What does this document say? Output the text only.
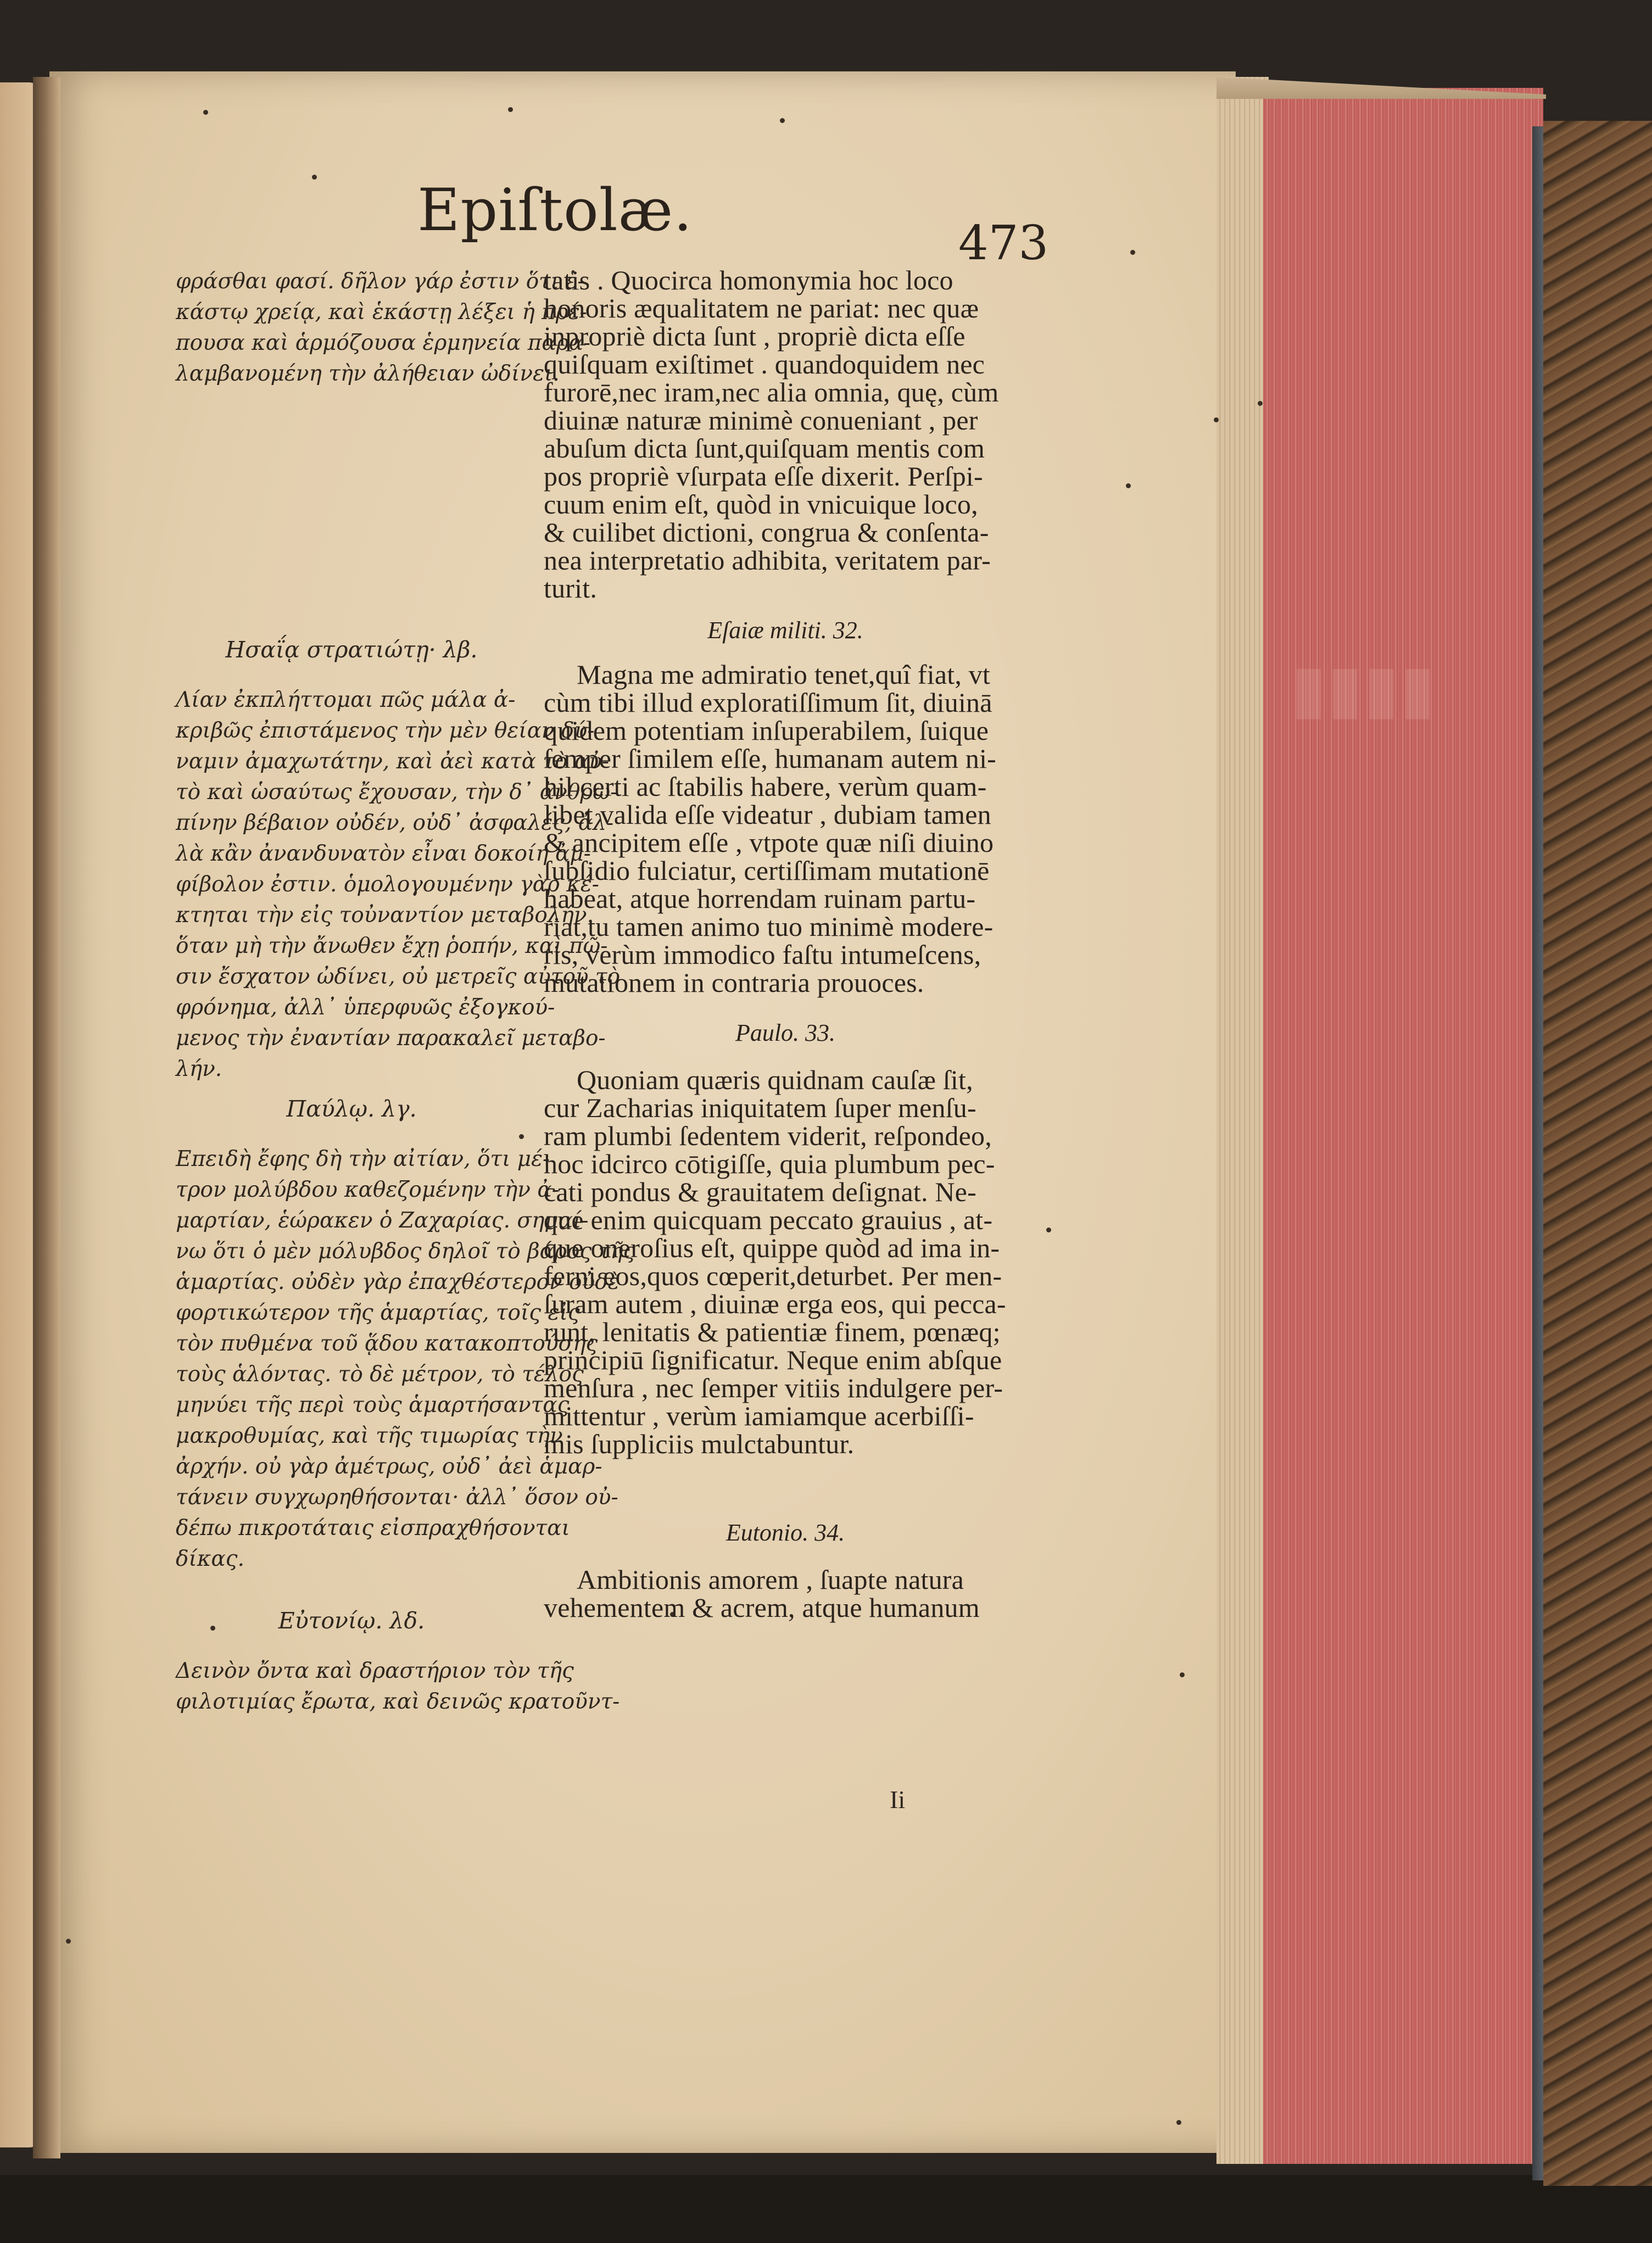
▮▮▮▮
Epiſtolæ.	473
φράσθαι φασί. δῆλον γάρ ἐστιν ὅτι ἑ-
κάστῳ χρείᾳ, καὶ ἑκάστῃ λέξει ἡ πρέ-
πουσα καὶ ἁρμόζουσα ἑρμηνεία παρα-
λαμβανομένη τὴν ἀλήθειαν ὠδίνει.
Ησαΐᾳ στρατιώτῃ· λβ.
Λίαν ἐκπλήττομαι πῶς μάλα ἀ-
κριβῶς ἐπιστάμενος τὴν μὲν θείαν δύ-
ναμιν ἀμαχωτάτην, καὶ ἀεὶ κατὰ τὸ αὐ-
τὸ καὶ ὡσαύτως ἔχουσαν, τὴν δ᾽ ἀνθρω-
πίνην βέβαιον οὐδέν, οὐδ᾽ ἀσφαλές, ἀλ-
λὰ κἂν ἀνανδυνατὸν εἶναι δοκοίη ἀμ-
φίβολον ἐστιν. ὁμολογουμένην γὰρ κέ-
κτηται τὴν εἰς τοὐναντίον μεταβολήν.
ὅταν μὴ τὴν ἄνωθεν ἔχῃ ῥοπήν, καὶ πῶ-
σιν ἔσχατον ὠδίνει, οὐ μετρεῖς αὐτοῦ τὸ
φρόνημα, ἀλλ᾽ ὑπερφυῶς ἐξογκού-
μενος τὴν ἐναντίαν παρακαλεῖ μεταβο-
λήν.
Παύλῳ. λγ.
Επειδὴ ἔφης δὴ τὴν αἰτίαν, ὅτι μέ-
τρον μολύβδου καθεζομένην τὴν ἀ-
μαρτίαν, ἑώρακεν ὁ Ζαχαρίας. σημαί-
νω ὅτι ὁ μὲν μόλυβδος δηλοῖ τὸ βάρος τῆς
ἁμαρτίας. οὐδὲν γὰρ ἐπαχθέστερον οὐδὲ
φορτικώτερον τῆς ἁμαρτίας, τοῖς εἰς
τὸν πυθμένα τοῦ ᾅδου κατακοπτούσης
τοὺς ἁλόντας. τὸ δὲ μέτρον, τὸ τέλος
μηνύει τῆς περὶ τοὺς ἁμαρτήσαντας
μακροθυμίας, καὶ τῆς τιμωρίας τὴν
ἀρχήν. οὐ γὰρ ἀμέτρως, οὐδ᾽ ἀεὶ ἁμαρ-
τάνειν συγχωρηθήσονται· ἀλλ᾽ ὅσον οὐ-
δέπω πικροτάταις εἰσπραχθήσονται
δίκας.
Εὐτονίῳ. λδ.
Δεινὸν ὄντα καὶ δραστήριον τὸν τῆς
φιλοτιμίας ἔρωτα, καὶ δεινῶς κρατοῦντ-
tatis . Quocirca homonymia hoc loco
honoris æqualitatem ne pariat: nec quæ
inpropriè dicta ſunt , propriè dicta eſſe
quiſquam exiſtimet . quandoquidem nec
furorē,nec iram,nec alia omnia, quę, cùm
diuinæ naturæ minimè conueniant , per
abuſum dicta ſunt,quiſquam mentis com
pos propriè vſurpata eſſe dixerit. Perſpi-
cuum enim eſt, quòd in vnicuique loco,
& cuilibet dictioni, congrua & conſenta-
nea interpretatio adhibita, veritatem par-
turit.
Eſaiæ militi. 32.
Magna me admiratio tenet,quî fiat, vt
cùm tibi illud exploratiſſimum ſit, diuinā
quidem potentiam inſuperabilem, ſuique
ſemper ſimilem eſſe, humanam autem ni-
hil certi ac ſtabilis habere, verùm quam-
libet valida eſſe videatur , dubiam tamen
& ancipitem eſſe , vtpote quæ niſi diuino
ſubſidio fulciatur, certiſſimam mutationē
habeat, atque horrendam ruinam partu-
riat,tu tamen animo tuo minimè modere-
ris, verùm immodico faſtu intumeſcens,
mutationem in contraria prouoces.
Paulo. 33.
Quoniam quæris quidnam cauſæ ſit,
cur Zacharias iniquitatem ſuper menſu-
ram plumbi ſedentem viderit, reſpondeo,
hoc idcirco cōtigiſſe, quia plumbum pec-
cati pondus & grauitatem deſignat. Ne-
que enim quicquam peccato grauius , at-
que oneroſius eſt, quippe quòd ad ima in-
ferni eos,quos cœperit,deturbet. Per men-
ſuram autem , diuinæ erga eos, qui pecca-
runt, lenitatis & patientiæ finem, pœnæq;
principiū ſignificatur. Neque enim abſque
menſura , nec ſemper vitiis indulgere per-
mittentur , verùm iamiamque acerbiſſi-
mis ſuppliciis mulctabuntur.
Eutonio. 34.
Ambitionis amorem , ſuapte natura
vehementem & acrem, atque humanum
Ii
